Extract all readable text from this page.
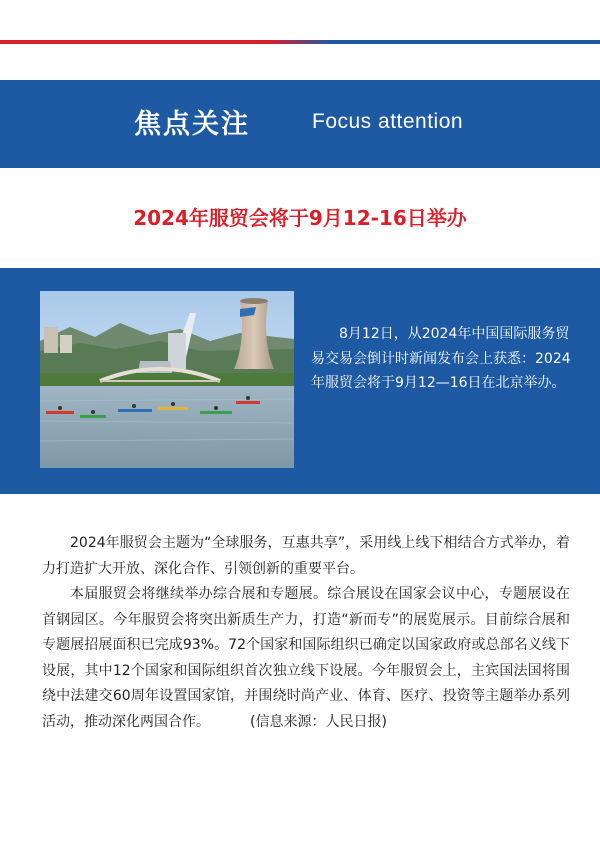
焦点关注	Focus attention
2024年服贸会将于9月12-16日举办
8月12日，从2024年中国国际服务贸易交易会倒计时新闻发布会上获悉：2024年服贸会将于9月12—16日在北京举办。

2024年服贸会主题为“全球服务，互惠共享”，采用线上线下相结合方式举办，着力打造扩大开放、深化合作、引领创新的重要平台。

本届服贸会将继续举办综合展和专题展。综合展设在国家会议中心，专题展设在首钢园区。今年服贸会将突出新质生产力，打造“新而专”的展览展示。目前综合展和专题展招展面积已完成93%。72个国家和国际组织已确定以国家政府或总部名义线下设展，其中12个国家和国际组织首次独立线下设展。今年服贸会上，主宾国法国将围绕中法建交60周年设置国家馆，并围绕时尚产业、体育、医疗、投资等主题举办系列活动，推动深化两国合作。	(信息来源：人民日报)
